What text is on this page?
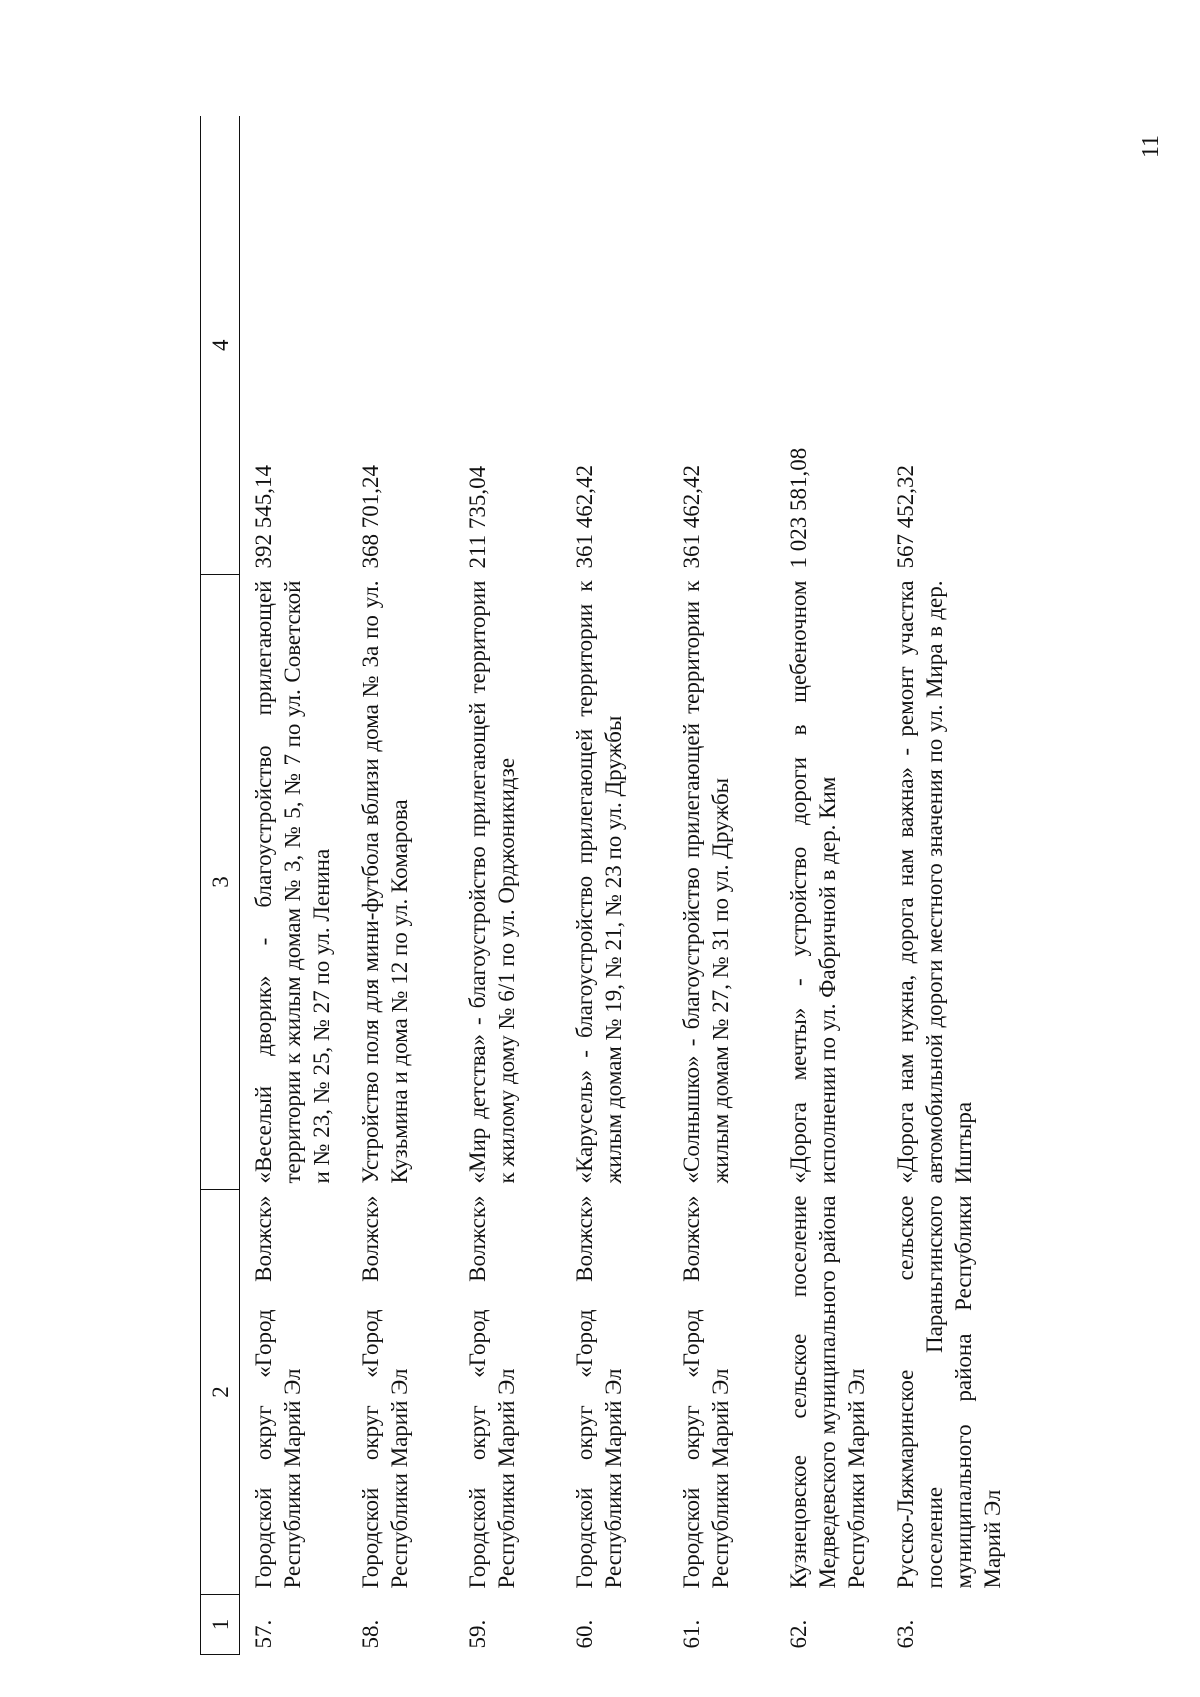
11
1	2	3	4
57.	Городской округ «Город Волжск» Республики Марий Эл	«Веселый дворик» - благоустройство прилегающей территории к жилым домам № 3, № 5, № 7 по ул. Советской и № 23, № 25, № 27 по ул. Ленина	392 545,14
58.	Городской округ «Город Волжск» Республики Марий Эл	Устройство поля для мини-футбола вблизи дома № 3а по ул. Кузьмина и дома № 12 по ул. Комарова	368 701,24
59.	Городской округ «Город Волжск» Республики Марий Эл	«Мир детства» - благоустройство прилегающей территории к жилому дому № 6/1 по ул. Орджоникидзе	211 735,04
60.	Городской округ «Город Волжск» Республики Марий Эл	«Карусель» - благоустройство прилегающей территории к жилым домам № 19, № 21, № 23 по ул. Дружбы	361 462,42
61.	Городской округ «Город Волжск» Республики Марий Эл	«Солнышко» - благоустройство прилегающей территории к жилым домам № 27, № 31 по ул. Дружбы	361 462,42
62.	Кузнецовское сельское поселение Медведевского муниципального района Республики Марий Эл	«Дорога мечты» - устройство дороги в щебеночном исполнении по ул. Фабричной в дер. Ким	1 023 581,08
63.	Русско-Ляжмаринское сельское поселение Параньгинского муниципального района Республики Марий Эл	«Дорога нам нужна, дорога нам важна» - ремонт участка автомобильной дороги местного значения по ул. Мира в дер. Иштыра	567 452,32
